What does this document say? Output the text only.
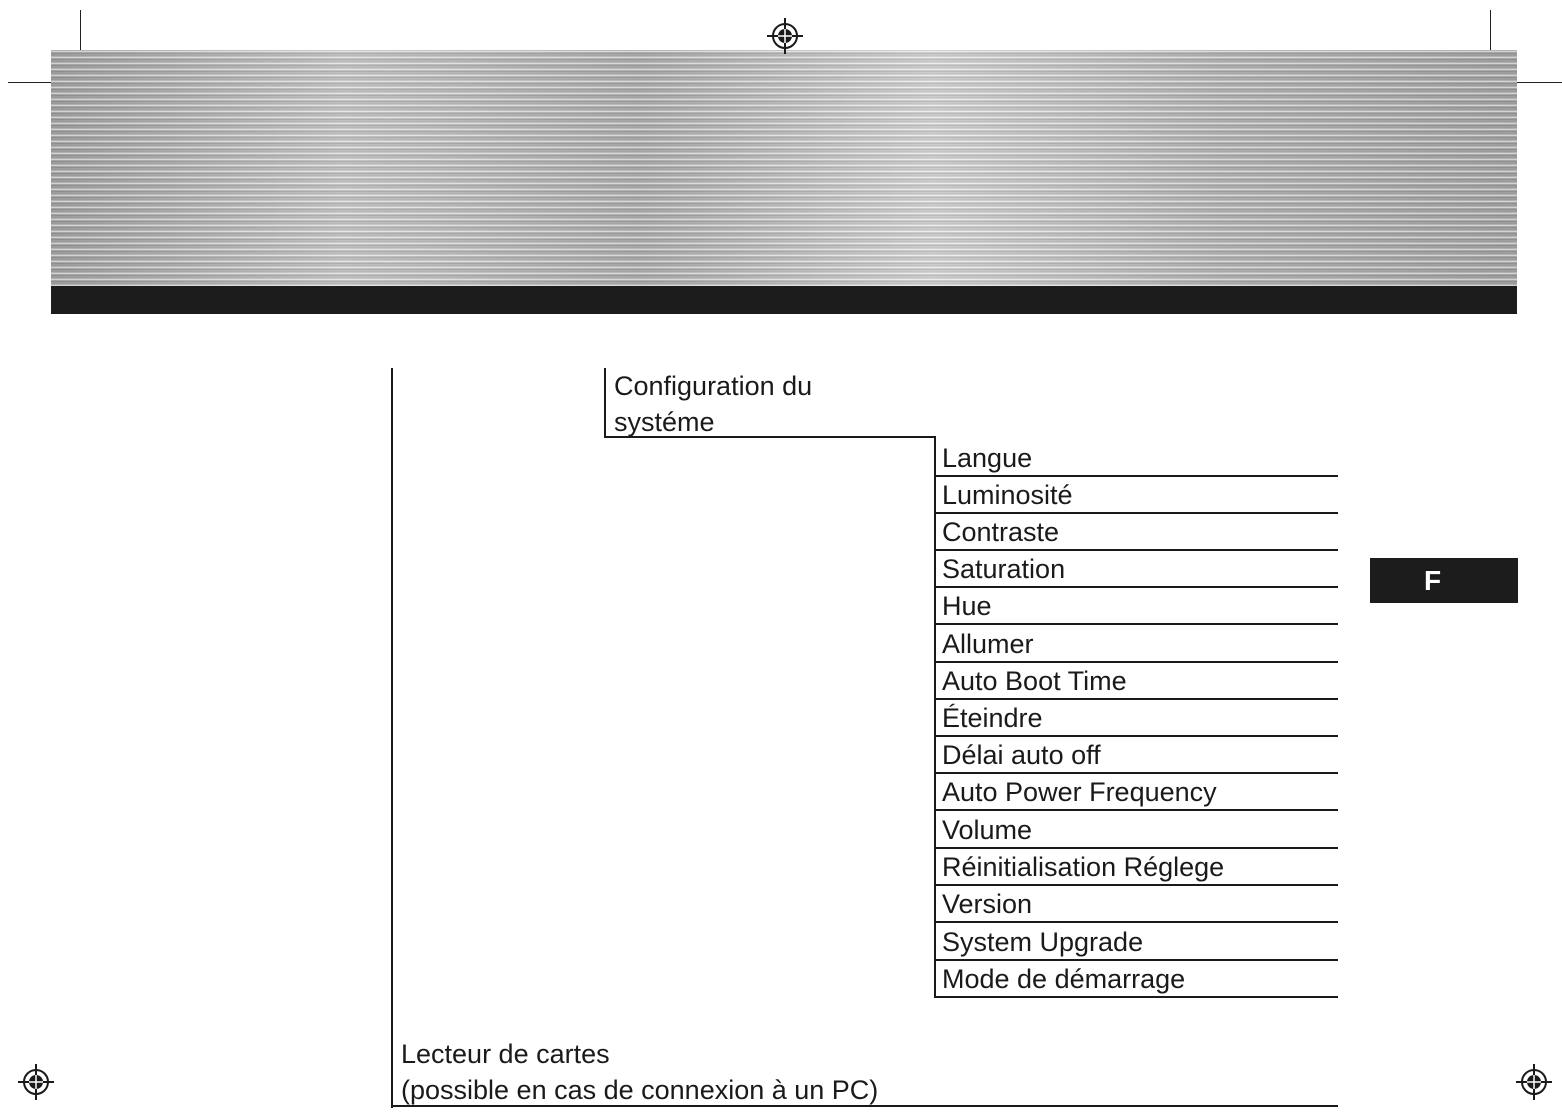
F
Configuration du
systéme
Langue
Luminosité
Contraste
Saturation
Hue
Allumer
Auto Boot Time
Éteindre
Délai auto off
Auto Power Frequency
Volume
Réinitialisation Réglege
Version
System Upgrade
Mode de démarrage
Lecteur de cartes
(possible en cas de connexion à un PC)
